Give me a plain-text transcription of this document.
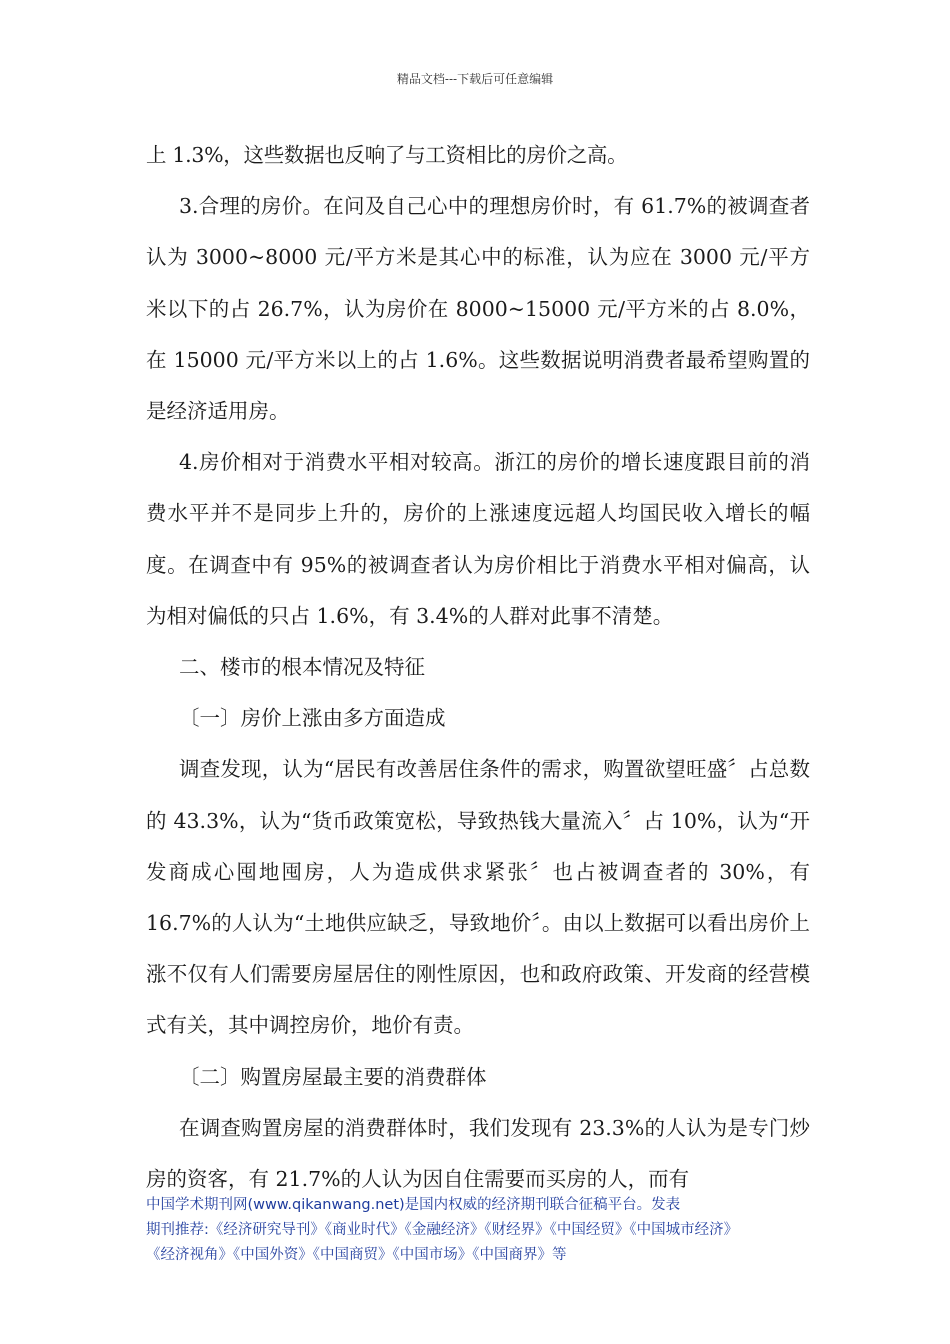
精品文档---下载后可任意编辑

上 1.3%，这些数据也反响了与工资相比的房价之高。

3.合理的房价。在问及自己心中的理想房价时，有 61.7%的被调查者认为 3000~8000 元/平方米是其心中的标准，认为应在 3000 元/平方米以下的占 26.7%，认为房价在 8000~15000 元/平方米的占 8.0%，在 15000 元/平方米以上的占 1.6%。这些数据说明消费者最希望购置的是经济适用房。

4.房价相对于消费水平相对较高。浙江的房价的增长速度跟目前的消费水平并不是同步上升的，房价的上涨速度远超人均国民收入增长的幅度。在调查中有 95%的被调查者认为房价相比于消费水平相对偏高，认为相对偏低的只占 1.6%，有 3.4%的人群对此事不清楚。

二、楼市的根本情况及特征

〔一〕房价上涨由多方面造成

调查发现，认为“居民有改善居住条件的需求，购置欲望旺盛〞占总数的 43.3%，认为“货币政策宽松，导致热钱大量流入〞占 10%，认为“开发商成心囤地囤房，人为造成供求紧张〞也占被调查者的 30%，有 16.7%的人认为“土地供应缺乏，导致地价〞。由以上数据可以看出房价上涨不仅有人们需要房屋居住的刚性原因，也和政府政策、开发商的经营模式有关，其中调控房价，地价有责。

〔二〕购置房屋最主要的消费群体

在调查购置房屋的消费群体时，我们发现有 23.3%的人认为是专门炒房的资客，有 21.7%的人认为因自住需要而买房的人，而有

中国学术期刊网(www.qikanwang.net)是国内权威的经济期刊联合征稿平台。发表
期刊推荐:《经济研究导刊》《商业时代》《金融经济》《财经界》《中国经贸》《中国城市经济》
《经济视角》《中国外资》《中国商贸》《中国市场》《中国商界》等
